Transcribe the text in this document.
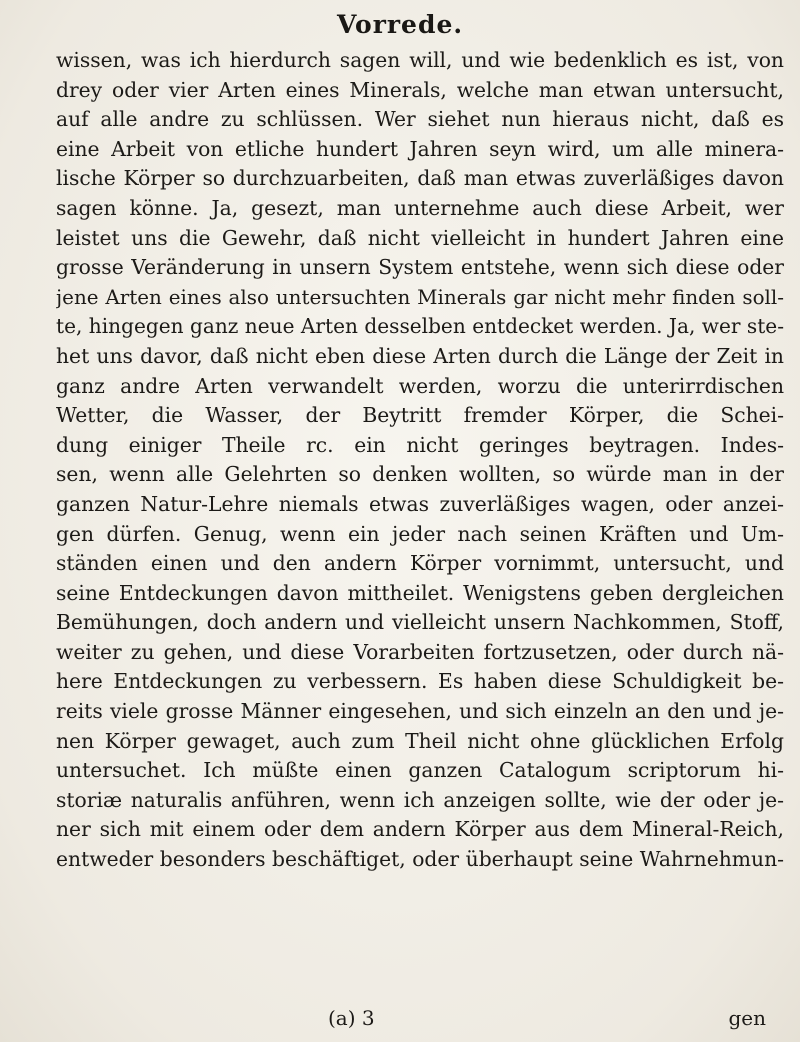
Vorrede.
wissen, was ich hierdurch sagen will, und wie bedenklich es ist, von
drey oder vier Arten eines Minerals, welche man etwan untersucht,
auf alle andre zu schlüssen. Wer siehet nun hieraus nicht, daß es
eine Arbeit von etliche hundert Jahren seyn wird, um alle minera-
lische Körper so durchzuarbeiten, daß man etwas zuverläßiges davon
sagen könne. Ja, gesezt, man unternehme auch diese Arbeit, wer
leistet uns die Gewehr, daß nicht vielleicht in hundert Jahren eine
grosse Veränderung in unsern System entstehe, wenn sich diese oder
jene Arten eines also untersuchten Minerals gar nicht mehr finden soll-
te, hingegen ganz neue Arten desselben entdecket werden. Ja, wer ste-
het uns davor, daß nicht eben diese Arten durch die Länge der Zeit in
ganz andre Arten verwandelt werden, worzu die unterirrdischen
Wetter, die Wasser, der Beytritt fremder Körper, die Schei-
dung einiger Theile rc. ein nicht geringes beytragen. Indes-
sen, wenn alle Gelehrten so denken wollten, so würde man in der
ganzen Natur-Lehre niemals etwas zuverläßiges wagen, oder anzei-
gen dürfen. Genug, wenn ein jeder nach seinen Kräften und Um-
ständen einen und den andern Körper vornimmt, untersucht, und
seine Entdeckungen davon mittheilet. Wenigstens geben dergleichen
Bemühungen, doch andern und vielleicht unsern Nachkommen, Stoff,
weiter zu gehen, und diese Vorarbeiten fortzusetzen, oder durch nä-
here Entdeckungen zu verbessern. Es haben diese Schuldigkeit be-
reits viele grosse Männer eingesehen, und sich einzeln an den und je-
nen Körper gewaget, auch zum Theil nicht ohne glücklichen Erfolg
untersuchet. Ich müßte einen ganzen Catalogum scriptorum hi-
storiæ naturalis anführen, wenn ich anzeigen sollte, wie der oder je-
ner sich mit einem oder dem andern Körper aus dem Mineral-Reich,
entweder besonders beschäftiget, oder überhaupt seine Wahrnehmun-
(a) 3	gen
